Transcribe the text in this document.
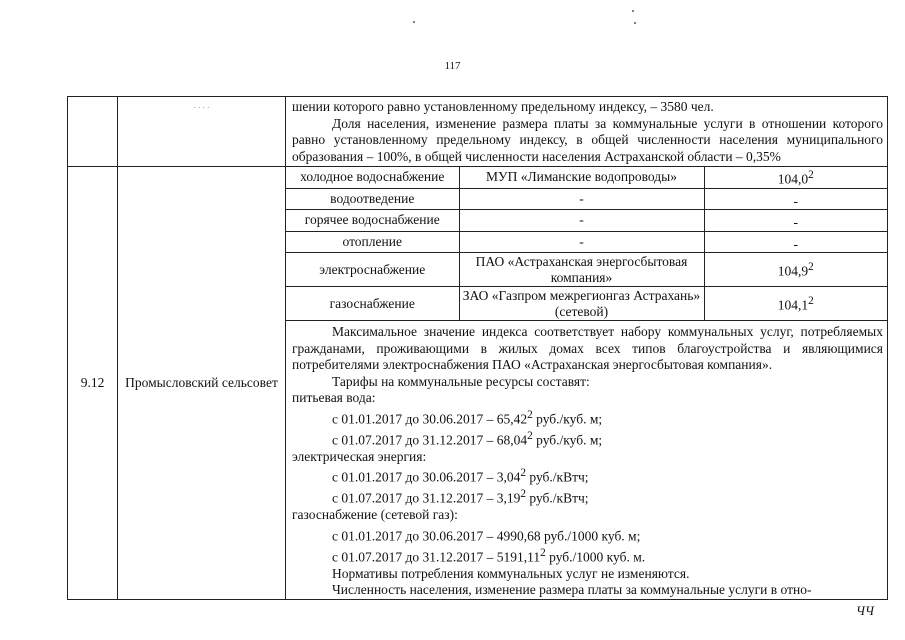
117
	. . . .	шении которого равно установленному предельному индексу, – 3580 чел.
Доля населения, изменение размера платы за коммунальные услуги в отношении которого равно установленному предельному индексу, в общей численности населения муниципального образования – 100%, в общей численности населения Астраханской области – 0,35%

9.12	Промысловский сельсовет	
холодное водоснабжение	МУП «Лиманские водопроводы»	104,0$^2$
водоотведение	-	-
горячее водоснабжение	-	-
отопление	-	-
электроснабжение	ПАО «Астраханская энергосбытовая компания»	104,9$^2$
газоснабжение	ЗАО «Газпром межрегионгаз Астрахань» (сетевой)	104,1$^2$
Максимальное значение индекса соответствует набору коммунальных услуг, потребляемых гражданами, проживающими в жилых домах всех типов благоустройства и являющимися потребителями электроснабжения ПАО «Астраханская энергосбытовая компания».
Тарифы на коммунальные ресурсы составят:
питьевая вода:
с 01.01.2017 до 30.06.2017 – 65,42$^2$ руб./куб. м;
с 01.07.2017 до 31.12.2017 – 68,04$^2$ руб./куб. м;
электрическая энергия:
с 01.01.2017 до 30.06.2017 – 3,04$^2$ руб./кВтч;
с 01.07.2017 до 31.12.2017 – 3,19$^2$ руб./кВтч;
газоснабжение (сетевой газ):
с 01.01.2017 до 30.06.2017 – 4990,68 руб./1000 куб. м;
с 01.07.2017 до 31.12.2017 – 5191,11$^2$ руб./1000 куб. м.
Нормативы потребления коммунальных услуг не изменяются.
Численность населения, изменение размера платы за коммунальные услуги в отно-
ЧЧ
